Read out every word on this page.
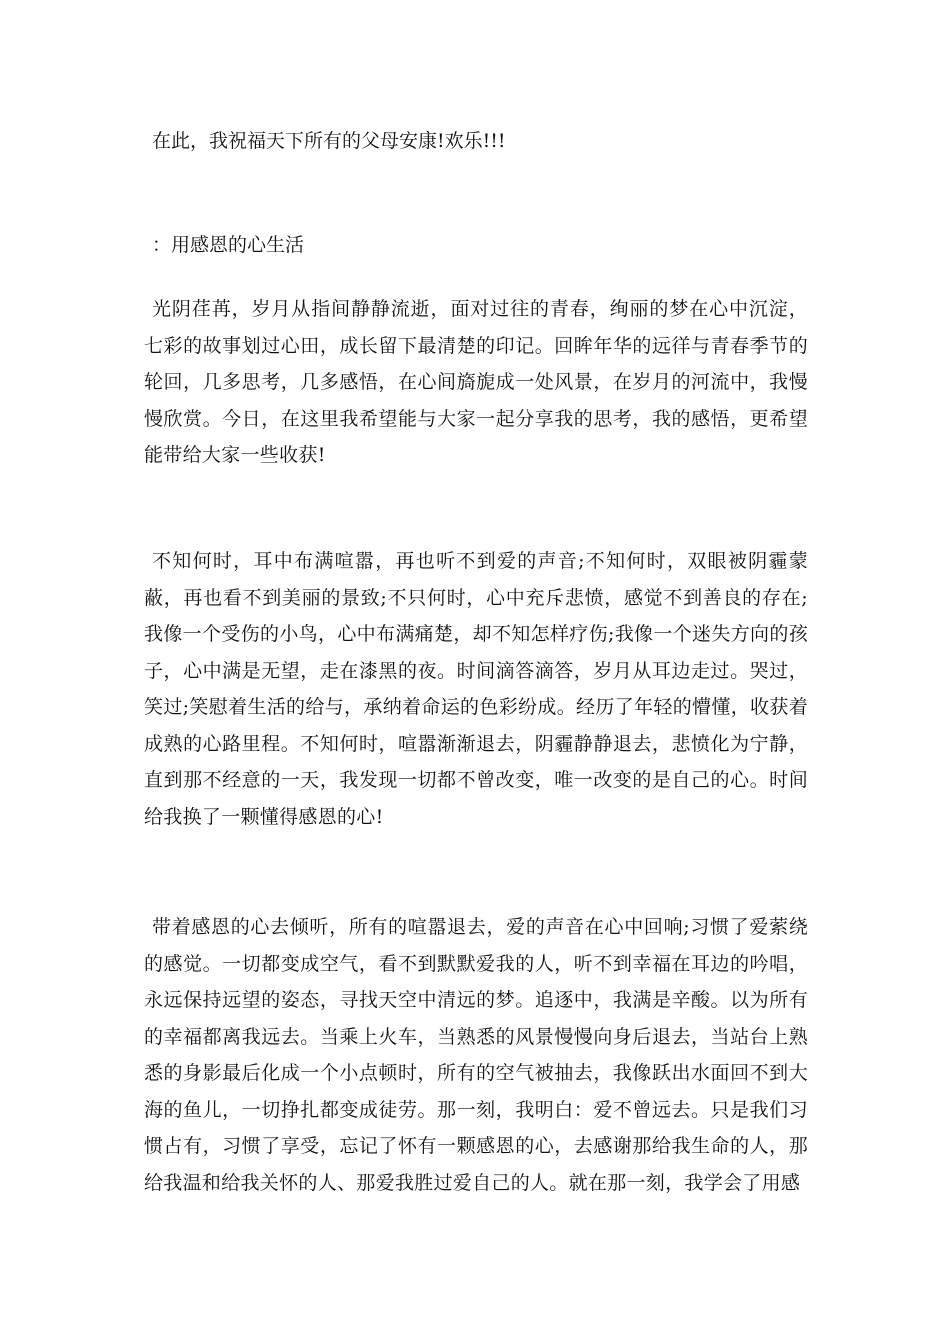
在此，我祝福天下所有的父母安康!欢乐!!!

：用感恩的心生活

光阴荏苒，岁月从指间静静流逝，面对过往的青春，绚丽的梦在心中沉淀，七彩的故事划过心田，成长留下最清楚的印记。回眸年华的远徉与青春季节的轮回，几多思考，几多感悟，在心间旖旎成一处风景，在岁月的河流中，我慢慢欣赏。今日，在这里我希望能与大家一起分享我的思考，我的感悟，更希望能带给大家一些收获!

不知何时，耳中布满喧嚣，再也听不到爱的声音;不知何时，双眼被阴霾蒙蔽，再也看不到美丽的景致;不只何时，心中充斥悲愤，感觉不到善良的存在;我像一个受伤的小鸟，心中布满痛楚，却不知怎样疗伤;我像一个迷失方向的孩子，心中满是无望，走在漆黑的夜。时间滴答滴答，岁月从耳边走过。哭过，笑过;笑慰着生活的给与，承纳着命运的色彩纷成。经历了年轻的懵懂，收获着成熟的心路里程。不知何时，喧嚣渐渐退去，阴霾静静退去，悲愤化为宁静，直到那不经意的一天，我发现一切都不曾改变，唯一改变的是自己的心。时间给我换了一颗懂得感恩的心!

带着感恩的心去倾听，所有的喧嚣退去，爱的声音在心中回响;习惯了爱萦绕的感觉。一切都变成空气，看不到默默爱我的人，听不到幸福在耳边的吟唱，永远保持远望的姿态，寻找天空中清远的梦。追逐中，我满是辛酸。以为所有的幸福都离我远去。当乘上火车，当熟悉的风景慢慢向身后退去，当站台上熟悉的身影最后化成一个小点顿时，所有的空气被抽去，我像跃出水面回不到大海的鱼儿，一切挣扎都变成徒劳。那一刻，我明白：爱不曾远去。只是我们习惯占有，习惯了享受，忘记了怀有一颗感恩的心，去感谢那给我生命的人，那给我温和给我关怀的人、那爱我胜过爱自己的人。就在那一刻，我学会了用感
